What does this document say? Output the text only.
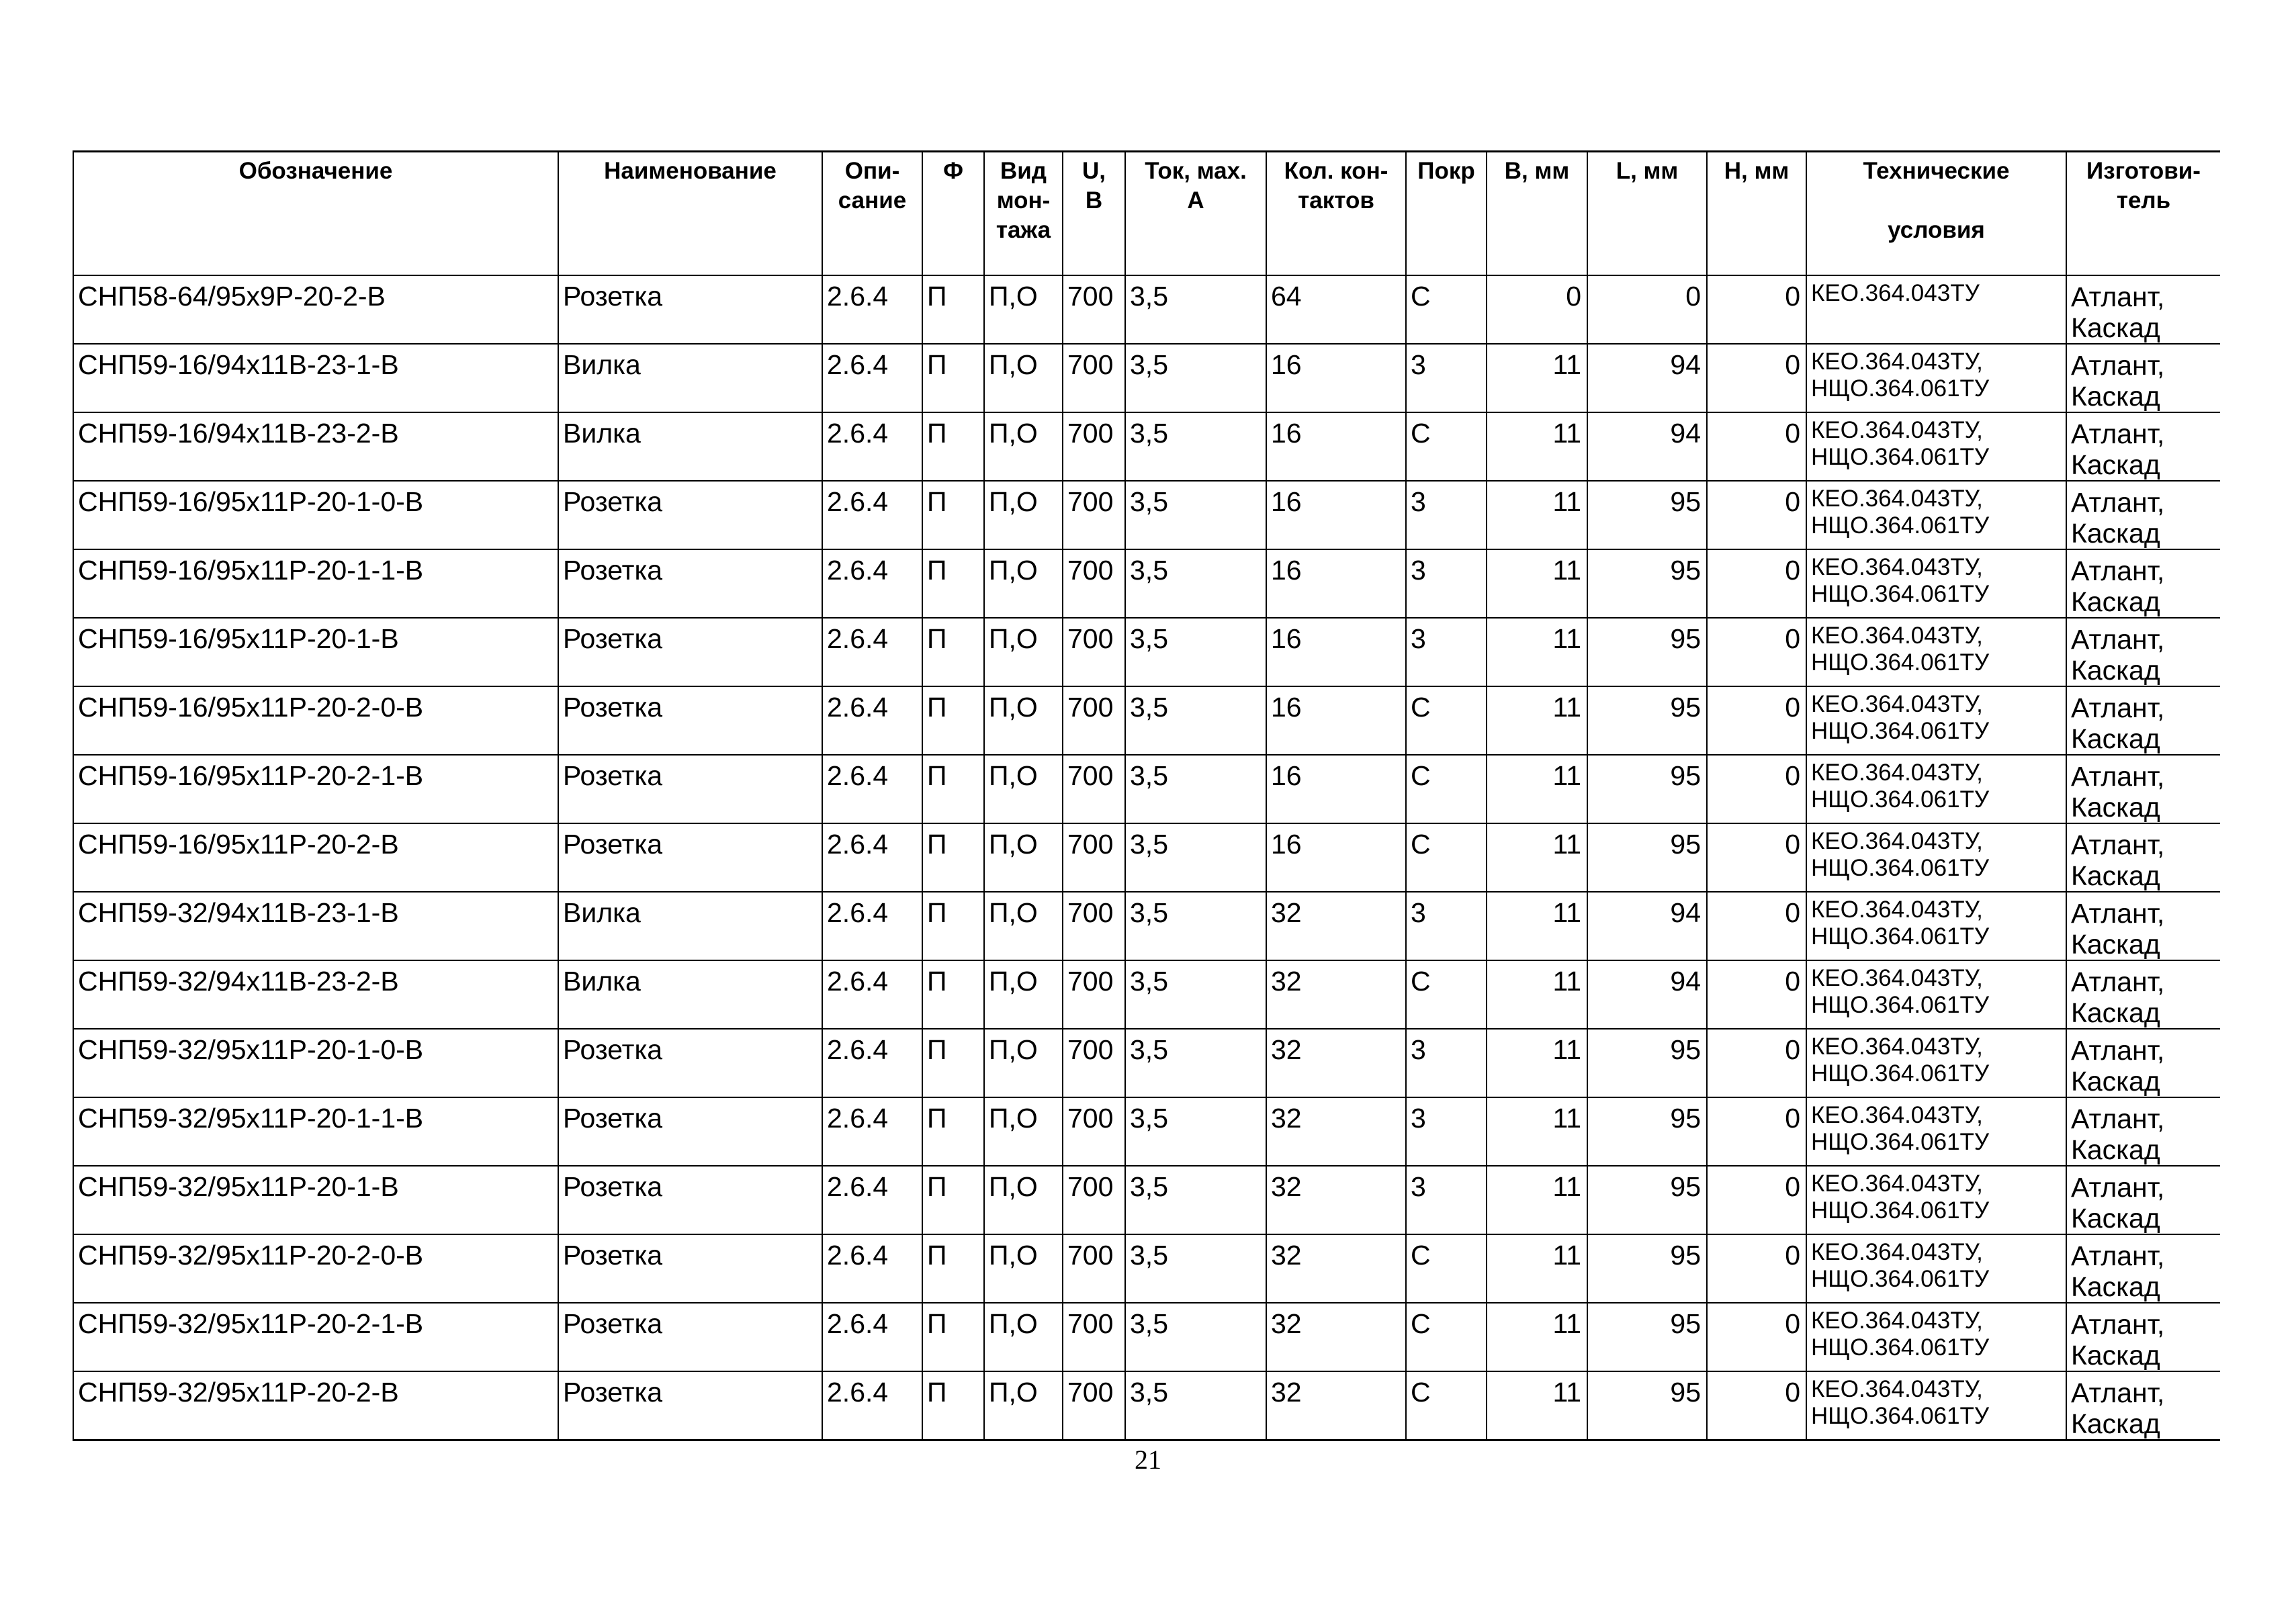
Обозначение	Наименование	Опи-
сание	Ф	Вид
мон-
тажа	U,
В	Ток, мах.
А	Кол. кон-
тактов	Покр	В, мм	L, мм	Н, мм	Технические

условия	Изготови-
тель
СНП58-64/95х9Р-20-2-В	Розетка	2.6.4	П	П,О	700	3,5	64	С	0	0	0	КЕО.364.043ТУ	Атлант,
Каскад
СНП59-16/94х11В-23-1-В	Вилка	2.6.4	П	П,О	700	3,5	16	3	11	94	0	КЕО.364.043ТУ,
НЩО.364.061ТУ	Атлант,
Каскад
СНП59-16/94х11В-23-2-В	Вилка	2.6.4	П	П,О	700	3,5	16	С	11	94	0	КЕО.364.043ТУ,
НЩО.364.061ТУ	Атлант,
Каскад
СНП59-16/95х11Р-20-1-0-В	Розетка	2.6.4	П	П,О	700	3,5	16	3	11	95	0	КЕО.364.043ТУ,
НЩО.364.061ТУ	Атлант,
Каскад
СНП59-16/95х11Р-20-1-1-В	Розетка	2.6.4	П	П,О	700	3,5	16	3	11	95	0	КЕО.364.043ТУ,
НЩО.364.061ТУ	Атлант,
Каскад
СНП59-16/95х11Р-20-1-В	Розетка	2.6.4	П	П,О	700	3,5	16	3	11	95	0	КЕО.364.043ТУ,
НЩО.364.061ТУ	Атлант,
Каскад
СНП59-16/95х11Р-20-2-0-В	Розетка	2.6.4	П	П,О	700	3,5	16	С	11	95	0	КЕО.364.043ТУ,
НЩО.364.061ТУ	Атлант,
Каскад
СНП59-16/95х11Р-20-2-1-В	Розетка	2.6.4	П	П,О	700	3,5	16	С	11	95	0	КЕО.364.043ТУ,
НЩО.364.061ТУ	Атлант,
Каскад
СНП59-16/95х11Р-20-2-В	Розетка	2.6.4	П	П,О	700	3,5	16	С	11	95	0	КЕО.364.043ТУ,
НЩО.364.061ТУ	Атлант,
Каскад
СНП59-32/94х11В-23-1-В	Вилка	2.6.4	П	П,О	700	3,5	32	3	11	94	0	КЕО.364.043ТУ,
НЩО.364.061ТУ	Атлант,
Каскад
СНП59-32/94х11В-23-2-В	Вилка	2.6.4	П	П,О	700	3,5	32	С	11	94	0	КЕО.364.043ТУ,
НЩО.364.061ТУ	Атлант,
Каскад
СНП59-32/95х11Р-20-1-0-В	Розетка	2.6.4	П	П,О	700	3,5	32	3	11	95	0	КЕО.364.043ТУ,
НЩО.364.061ТУ	Атлант,
Каскад
СНП59-32/95х11Р-20-1-1-В	Розетка	2.6.4	П	П,О	700	3,5	32	3	11	95	0	КЕО.364.043ТУ,
НЩО.364.061ТУ	Атлант,
Каскад
СНП59-32/95х11Р-20-1-В	Розетка	2.6.4	П	П,О	700	3,5	32	3	11	95	0	КЕО.364.043ТУ,
НЩО.364.061ТУ	Атлант,
Каскад
СНП59-32/95х11Р-20-2-0-В	Розетка	2.6.4	П	П,О	700	3,5	32	С	11	95	0	КЕО.364.043ТУ,
НЩО.364.061ТУ	Атлант,
Каскад
СНП59-32/95х11Р-20-2-1-В	Розетка	2.6.4	П	П,О	700	3,5	32	С	11	95	0	КЕО.364.043ТУ,
НЩО.364.061ТУ	Атлант,
Каскад
СНП59-32/95х11Р-20-2-В	Розетка	2.6.4	П	П,О	700	3,5	32	С	11	95	0	КЕО.364.043ТУ,
НЩО.364.061ТУ	Атлант,
Каскад
21
